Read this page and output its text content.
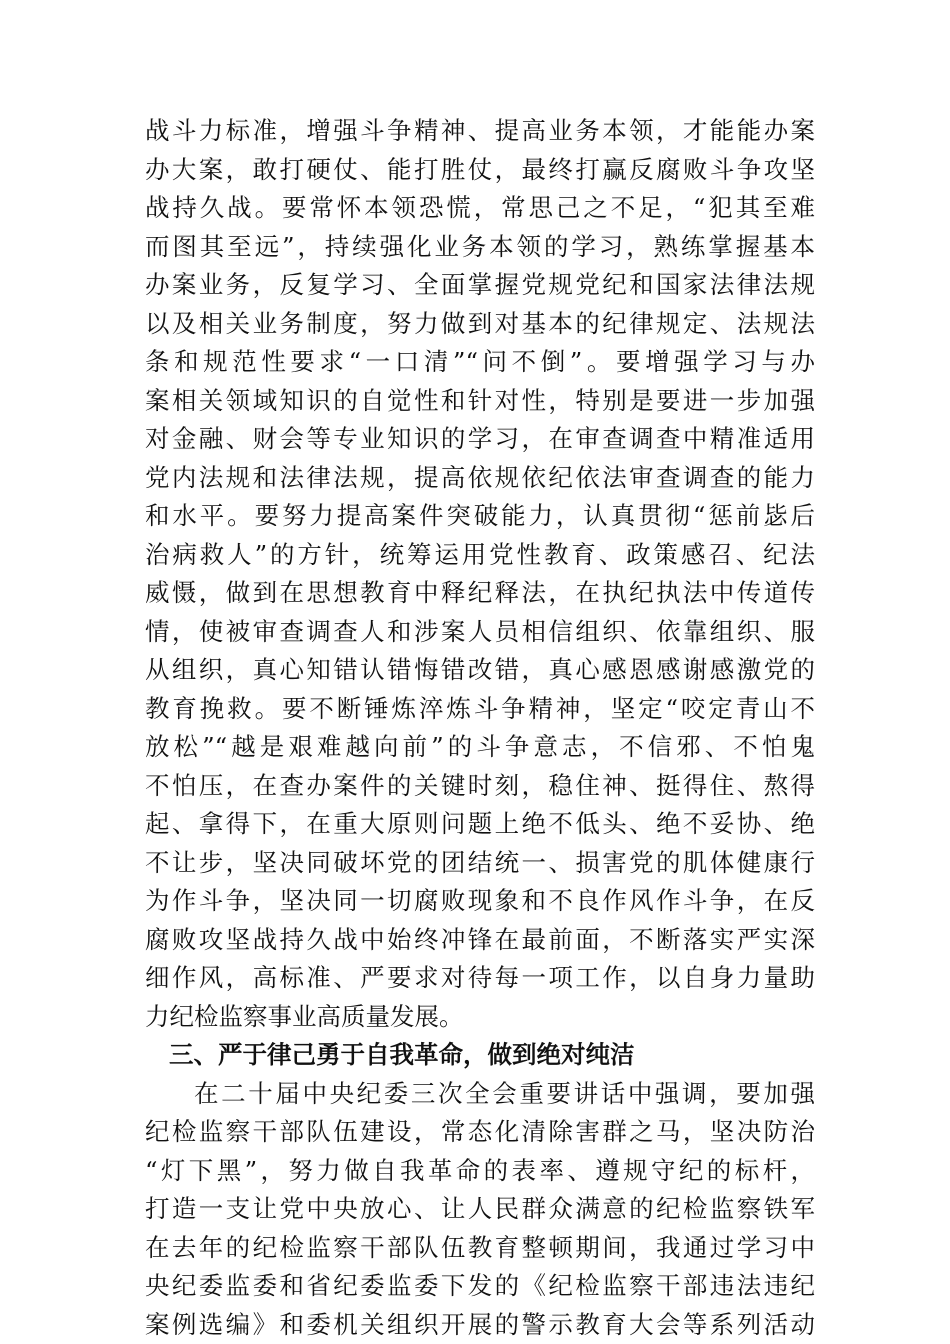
战斗力标准，增强斗争精神、提高业务本领，才能能办案
办大案，敢打硬仗、能打胜仗，最终打赢反腐败斗争攻坚
战持久战。要常怀本领恐慌，常思己之不足，“犯其至难
而图其至远”，持续强化业务本领的学习，熟练掌握基本
办案业务，反复学习、全面掌握党规党纪和国家法律法规
以及相关业务制度，努力做到对基本的纪律规定、法规法
条和规范性要求“一口清”“问不倒”。要增强学习与办
案相关领域知识的自觉性和针对性，特别是要进一步加强
对金融、财会等专业知识的学习，在审查调查中精准适用
党内法规和法律法规，提高依规依纪依法审查调查的能力
和水平。要努力提高案件突破能力，认真贯彻“惩前毖后
治病救人”的方针，统筹运用党性教育、政策感召、纪法
威慑，做到在思想教育中释纪释法，在执纪执法中传道传
情，使被审查调查人和涉案人员相信组织、依靠组织、服
从组织，真心知错认错悔错改错，真心感恩感谢感激党的
教育挽救。要不断锤炼淬炼斗争精神，坚定“咬定青山不
放松”“越是艰难越向前”的斗争意志，不信邪、不怕鬼
不怕压，在查办案件的关键时刻，稳住神、挺得住、熬得
起、拿得下，在重大原则问题上绝不低头、绝不妥协、绝
不让步，坚决同破坏党的团结统一、损害党的肌体健康行
为作斗争，坚决同一切腐败现象和不良作风作斗争，在反
腐败攻坚战持久战中始终冲锋在最前面，不断落实严实深
细作风，高标准、严要求对待每一项工作，以自身力量助
力纪检监察事业高质量发展。
三、严于律己勇于自我革命，做到绝对纯洁
在二十届中央纪委三次全会重要讲话中强调，要加强
纪检监察干部队伍建设，常态化清除害群之马，坚决防治
“灯下黑”，努力做自我革命的表率、遵规守纪的标杆，
打造一支让党中央放心、让人民群众满意的纪检监察铁军
在去年的纪检监察干部队伍教育整顿期间，我通过学习中
央纪委监委和省纪委监委下发的《纪检监察干部违法违纪
案例选编》和委机关组织开展的警示教育大会等系列活动
